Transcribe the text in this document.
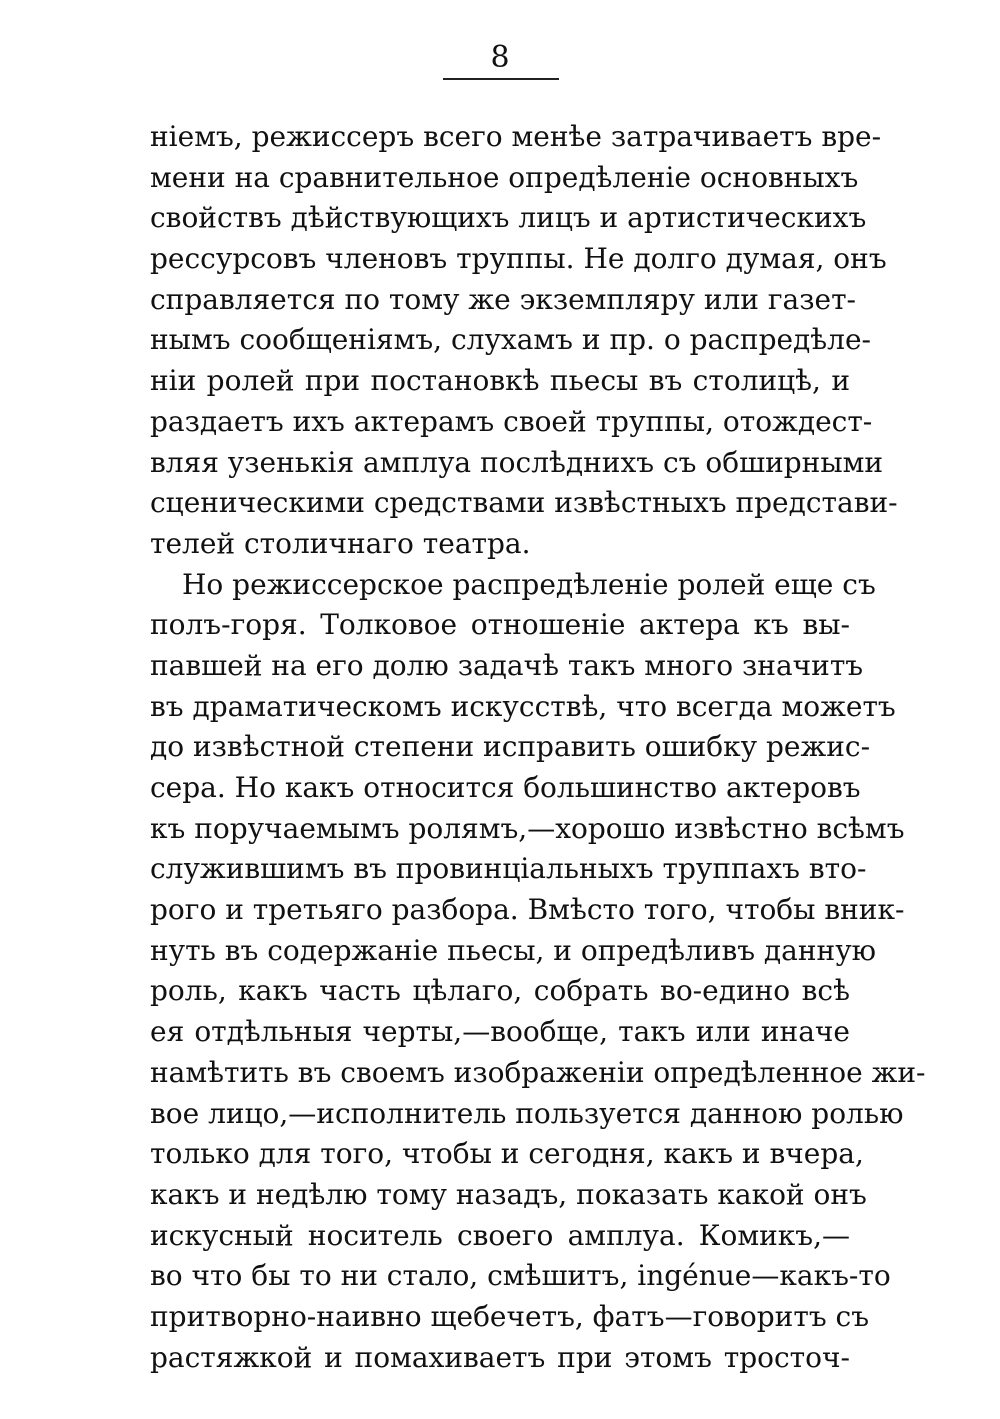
8
ніемъ, режиссеръ всего менѣе затрачиваетъ вре-
мени на сравнительное опредѣленіе основныхъ
свойствъ дѣйствующихъ лицъ и артистическихъ
рессурсовъ членовъ труппы. Не долго думая, онъ
справляется по тому же экземпляру или газет-
нымъ сообщеніямъ, слухамъ и пр. о распредѣле-
ніи ролей при постановкѣ пьесы въ столицѣ, и
раздаетъ ихъ актерамъ своей труппы, отождест-
вляя узенькія амплуа послѣднихъ съ обширными
сценическими средствами извѣстныхъ представи-
телей столичнаго театра.
Но режиссерское распредѣленіе ролей еще съ
полъ-горя. Толковое отношеніе актера къ вы-
павшей на его долю задачѣ такъ много значитъ
въ драматическомъ искусствѣ, что всегда можетъ
до извѣстной степени исправить ошибку режис-
сера. Но какъ относится большинство актеровъ
къ поручаемымъ ролямъ,—хорошо извѣстно всѣмъ
служившимъ въ провинціальныхъ труппахъ вто-
рого и третьяго разбора. Вмѣсто того, чтобы вник-
нуть въ содержаніе пьесы, и опредѣливъ данную
роль, какъ часть цѣлаго, собрать во-едино всѣ
ея отдѣльныя черты,—вообще, такъ или иначе
намѣтить въ своемъ изображеніи опредѣленное жи-
вое лицо,—исполнитель пользуется данною ролью
только для того, чтобы и сегодня, какъ и вчера,
какъ и недѣлю тому назадъ, показать какой онъ
искусный носитель своего амплуа. Комикъ,—
во что бы то ни стало, смѣшитъ, ingénue—какъ-то
притворно-наивно щебечетъ, фатъ—говоритъ съ
растяжкой и помахиваетъ при этомъ тросточ-
